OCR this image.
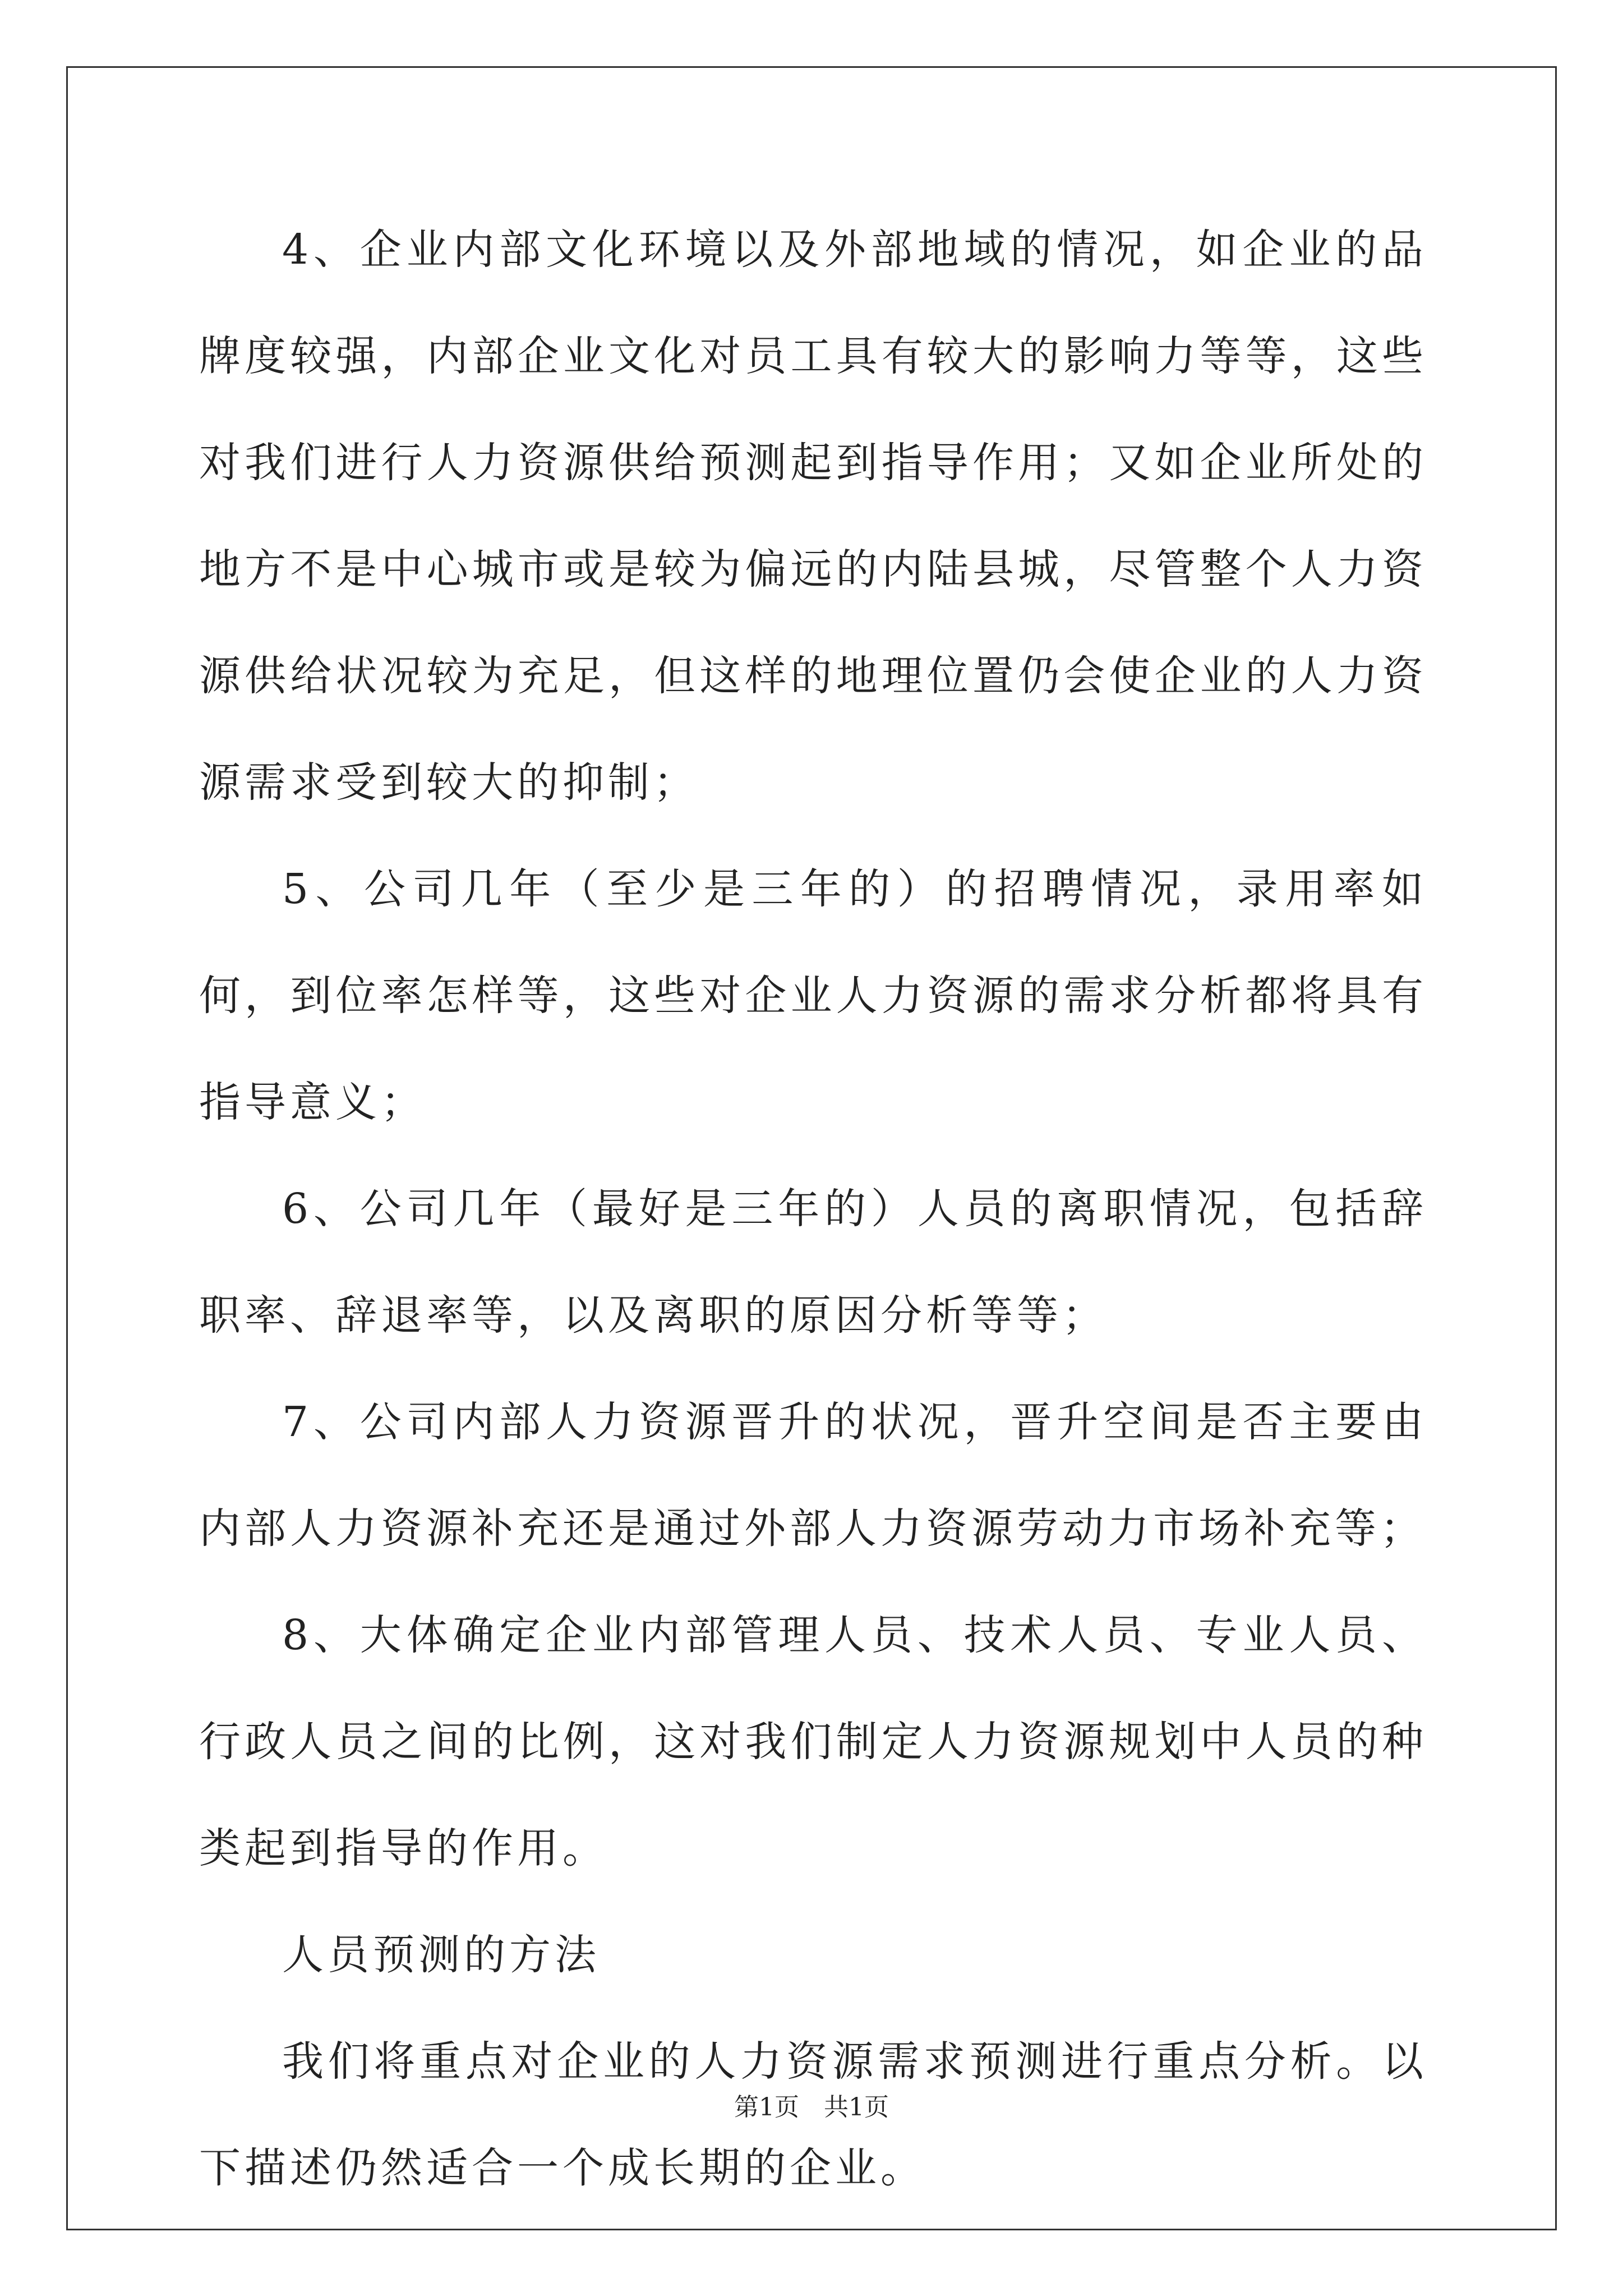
4、企业内部文化环境以及外部地域的情况，如企业的品牌度较强，内部企业文化对员工具有较大的影响力等等，这些对我们进行人力资源供给预测起到指导作用；又如企业所处的地方不是中心城市或是较为偏远的内陆县城，尽管整个人力资源供给状况较为充足，但这样的地理位置仍会使企业的人力资源需求受到较大的抑制；

5、公司几年（至少是三年的）的招聘情况，录用率如何，到位率怎样等，这些对企业人力资源的需求分析都将具有指导意义；

6、公司几年（最好是三年的）人员的离职情况，包括辞职率、辞退率等，以及离职的原因分析等等；

7、公司内部人力资源晋升的状况，晋升空间是否主要由内部人力资源补充还是通过外部人力资源劳动力市场补充等；

8、大体确定企业内部管理人员、技术人员、专业人员、行政人员之间的比例，这对我们制定人力资源规划中人员的种类起到指导的作用。

人员预测的方法

我们将重点对企业的人力资源需求预测进行重点分析。以下描述仍然适合一个成长期的企业。

第1页 共1页
